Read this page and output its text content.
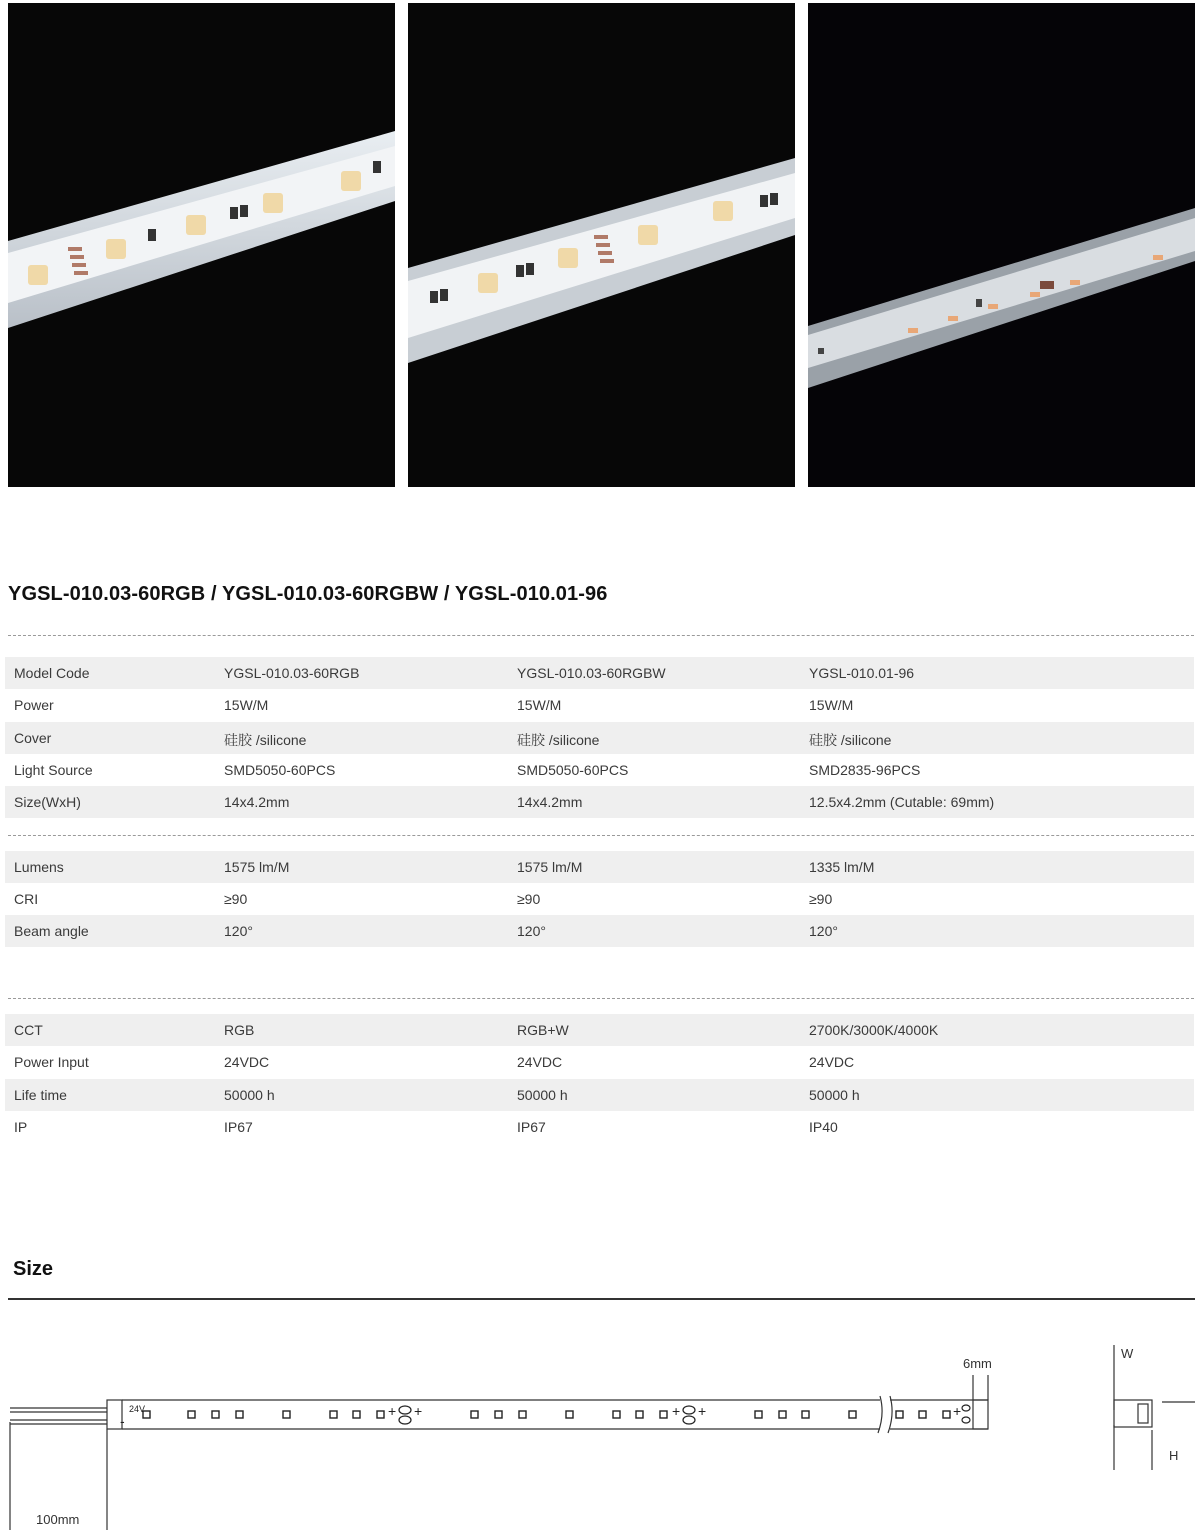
YGSL-010.03-60RGB / YGSL-010.03-60RGBW / YGSL-010.01-96
Model Code	YGSL-010.03-60RGB	YGSL-010.03-60RGBW	YGSL-010.01-96
Power	15W/M	15W/M	15W/M
Cover	硅胶 /silicone	硅胶 /silicone	硅胶 /silicone
Light Source	SMD5050-60PCS	SMD5050-60PCS	SMD2835-96PCS
Size(WxH)	14x4.2mm	14x4.2mm	12.5x4.2mm (Cutable: 69mm)
Lumens	1575 lm/M	1575 lm/M	1335 lm/M
CRI	≥90	≥90	≥90
Beam angle	120°	120°	120°
CCT	RGB	RGB+W	2700K/3000K/4000K
Power Input	24VDC	24VDC	24VDC
Life time	50000 h	50000 h	50000 h
IP	IP67	IP67	IP40
Size
+ +	+ +	+
-
24V
6mm
100mm
W
H
